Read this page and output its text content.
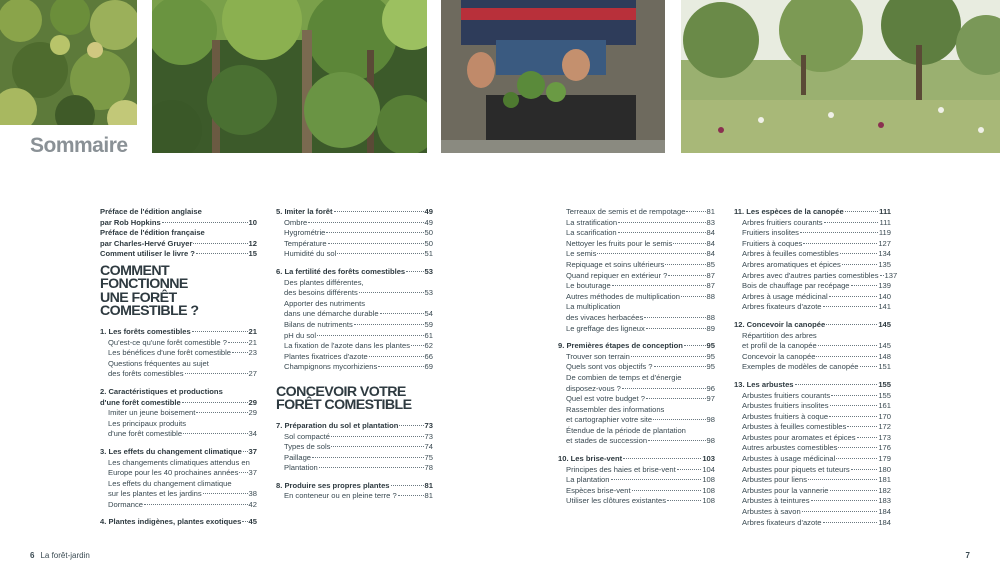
Sommaire
Préface de l'édition anglaise
par Rob Hopkins	10
Préface de l'édition française
par Charles-Hervé Gruyer	12
Comment utiliser le livre ?	15
COMMENT FONCTIONNE
UNE FORÊT COMESTIBLE ?
1. Les forêts comestibles	21
Qu'est-ce qu'une forêt comestible ?	21
Les bénéfices d'une forêt comestible 23
Questions fréquentes au sujet
des forêts comestibles	27
2. Caractéristiques et productions
d'une forêt comestible	29
Imiter un jeune boisement	29
Les principaux produits
d'une forêt comestible	34
3. Les effets du changement climatique 37
Les changements climatiques attendus en
Europe pour les 40 prochaines années 37
Les effets du changement climatique
sur les plantes et les jardins	38
Dormance	42
4. Plantes indigènes, plantes exotiques 45
5. Imiter la forêt	49
Ombre	49
Hygrométrie	50
Température	50
Humidité du sol	51
6. La fertilité des forêts comestibles	53
Des plantes différentes,
des besoins différents	53
Apporter des nutriments
dans une démarche durable	54
Bilans de nutriments	59
pH du sol	61
La fixation de l'azote dans les plantes 62
Plantes fixatrices d'azote	66
Champignons mycorhiziens	69
CONCEVOIR VOTRE
FORÊT COMESTIBLE
7. Préparation du sol et plantation	73
Sol compacté	73
Types de sols	74
Paillage	75
Plantation	78
8. Produire ses propres plantes	81
En conteneur ou en pleine terre ?	81
Terreaux de semis et de rempotage	81
La stratification	83
La scarification	84
Nettoyer les fruits pour le semis	84
Le semis	84
Repiquage et soins ultérieurs	85
Quand repiquer en extérieur ?	87
Le bouturage	87
Autres méthodes de multiplication	88
La multiplication
des vivaces herbacées	88
Le greffage des ligneux	89
9. Premières étapes de conception	95
Trouver son terrain	95
Quels sont vos objectifs ?	95
De combien de temps et d'énergie
disposez-vous ?	96
Quel est votre budget ?	97
Rassembler des informations
et cartographier votre site	98
Étendue de la période de plantation
et stades de succession	98
10. Les brise-vent	103
Principes des haies et brise-vent	104
La plantation	108
Espèces brise-vent	108
Utiliser les clôtures existantes	108
11. Les espèces de la canopée	111
Arbres fruitiers courants	111
Fruitiers insolites	119
Fruitiers à coques	127
Arbres à feuilles comestibles	134
Arbres aromatiques et épices	135
Arbres avec d'autres parties comestibles 137
Bois de chauffage par recépage	139
Arbres à usage médicinal	140
Arbres fixateurs d'azote	141
12. Concevoir la canopée	145
Répartition des arbres
et profil de la canopée	145
Concevoir la canopée	148
Exemples de modèles de canopée	151
13. Les arbustes	155
Arbustes fruitiers courants	155
Arbustes fruitiers insolites	161
Arbustes fruitiers à coque	170
Arbustes à feuilles comestibles	172
Arbustes pour aromates et épices	173
Autres arbustes comestibles	176
Arbustes à usage médicinal	179
Arbustes pour piquets et tuteurs	180
Arbustes pour liens	181
Arbustes pour la vannerie	182
Arbustes à teintures	183
Arbustes à savon	184
Arbres fixateurs d'azote	184
6 La forêt-jardin	7
